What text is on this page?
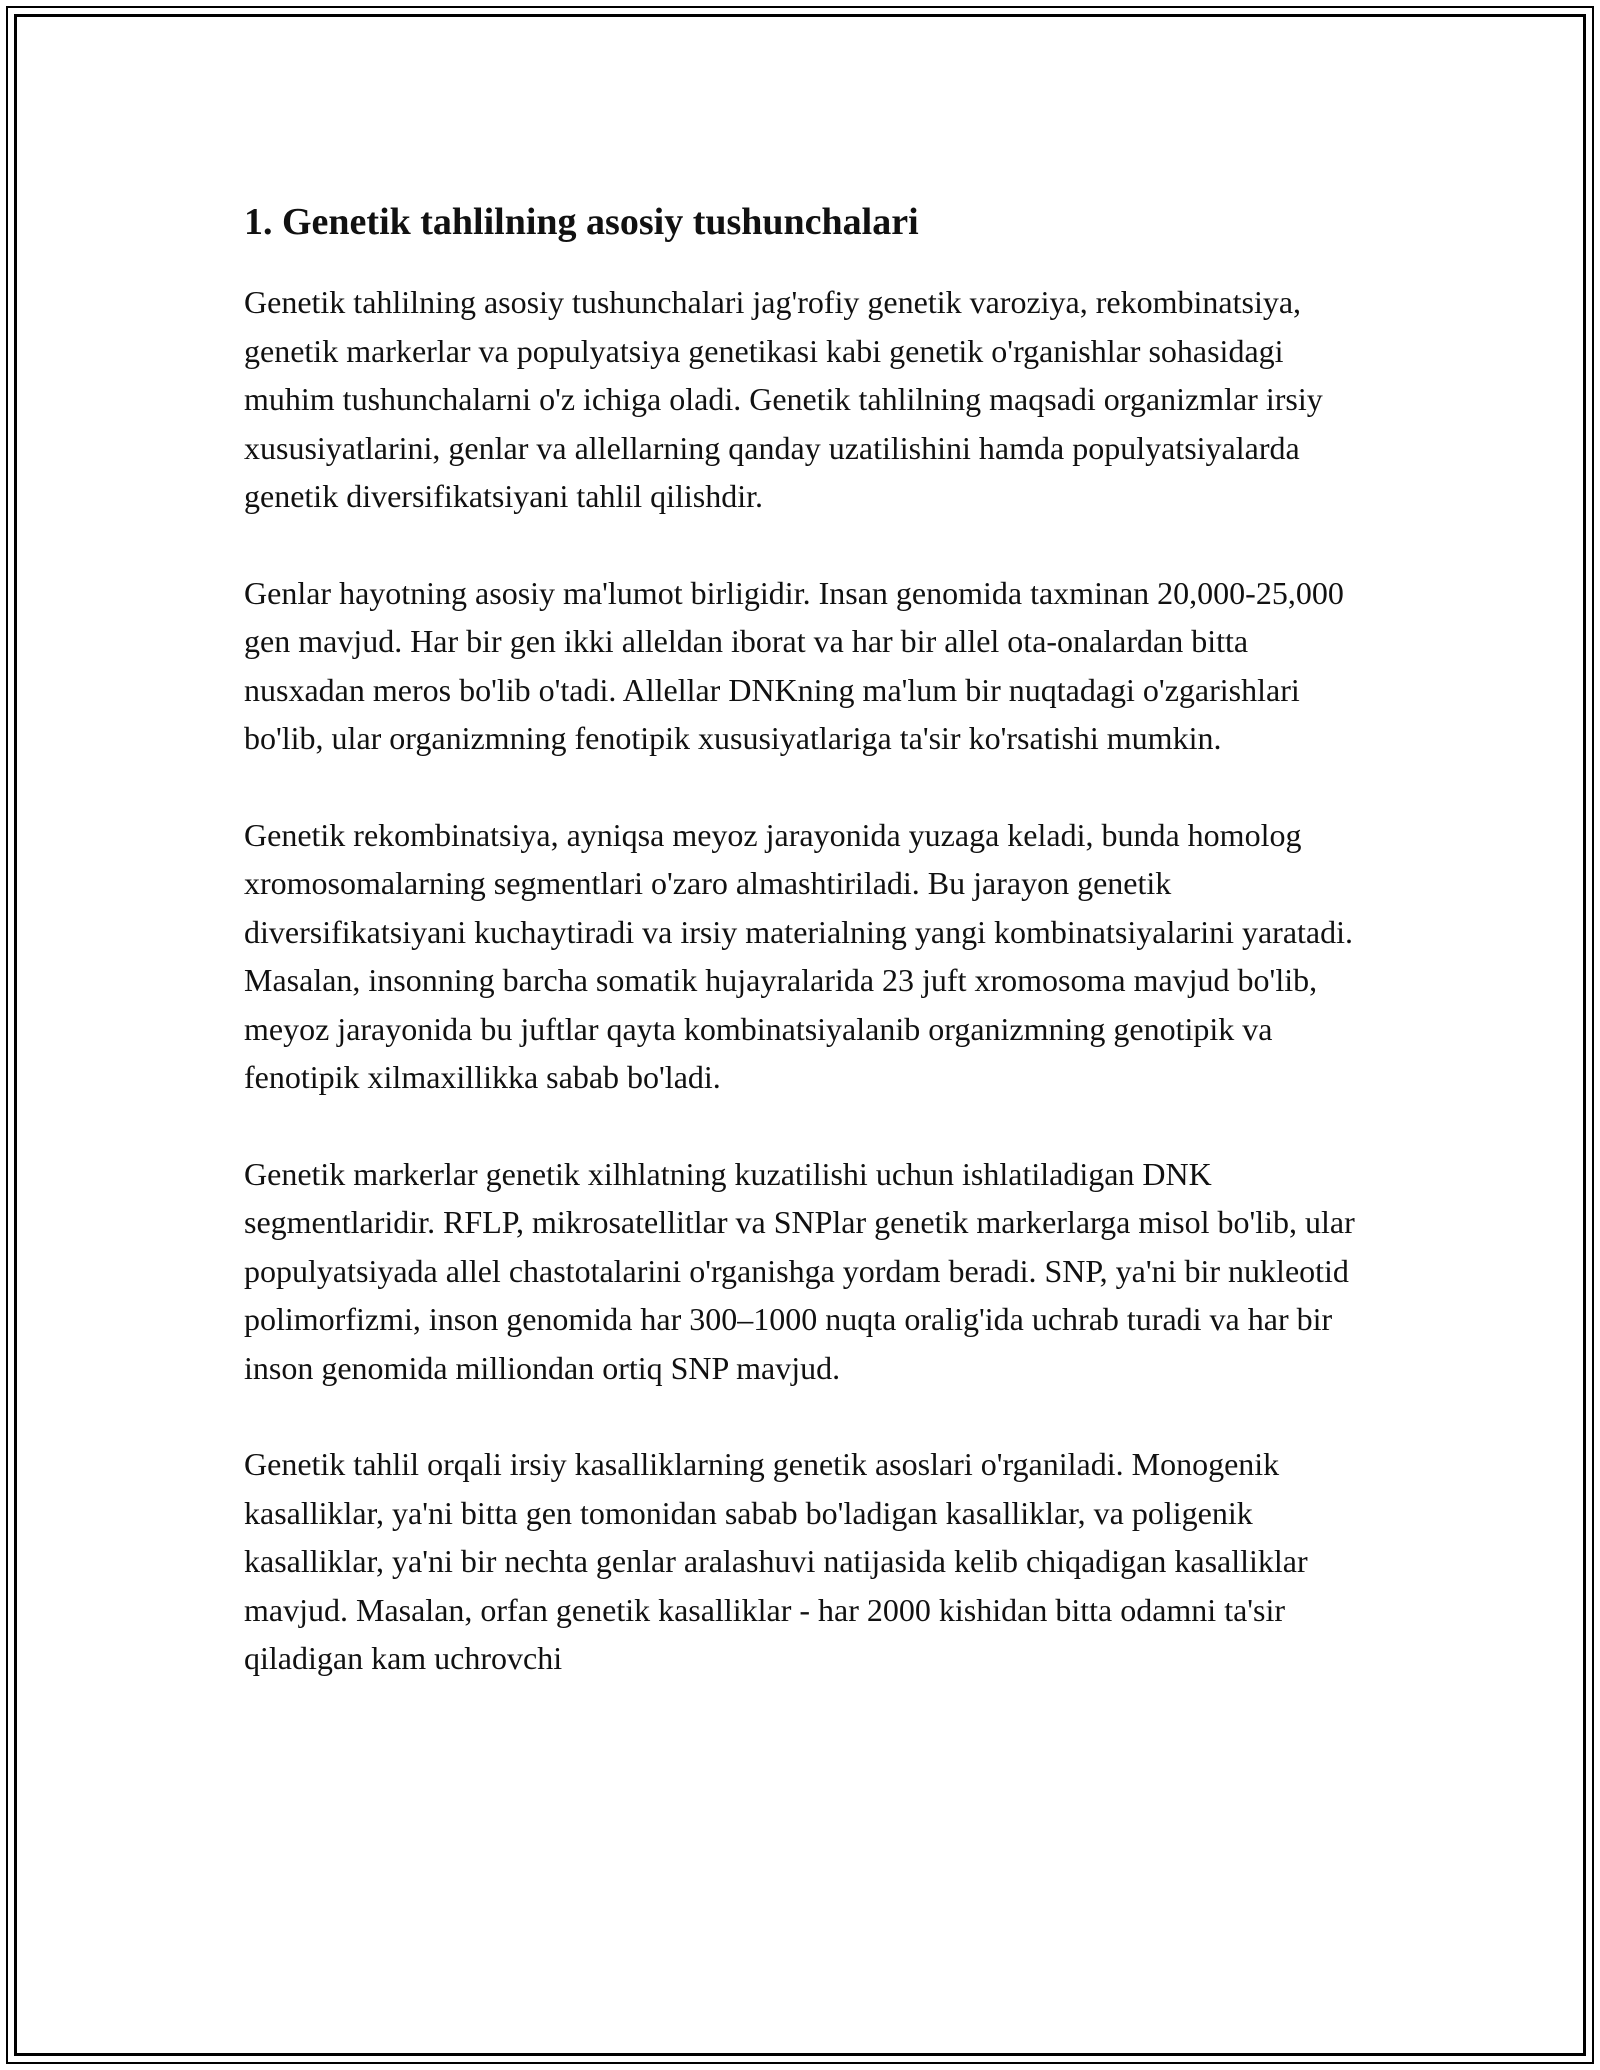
1. Genetik tahlilning asosiy tushunchalari

Genetik tahlilning asosiy tushunchalari jag'rofiy genetik varoziya, rekombinatsiya, genetik markerlar va populyatsiya genetikasi kabi genetik o'rganishlar sohasidagi muhim tushunchalarni o'z ichiga oladi. Genetik tahlilning maqsadi organizmlar irsiy xususiyatlarini, genlar va allellarning qanday uzatilishini hamda populyatsiyalarda genetik diversifikatsiyani tahlil qilishdir.

Genlar hayotning asosiy ma'lumot birligidir. Insan genomida taxminan 20,000-25,000 gen mavjud. Har bir gen ikki alleldan iborat va har bir allel ota-onalardan bitta nusxadan meros bo'lib o'tadi. Allellar DNKning ma'lum bir nuqtadagi o'zgarishlari bo'lib, ular organizmning fenotipik xususiyatlariga ta'sir ko'rsatishi mumkin.

Genetik rekombinatsiya, ayniqsa meyoz jarayonida yuzaga keladi, bunda homolog xromosomalarning segmentlari o'zaro almashtiriladi. Bu jarayon genetik diversifikatsiyani kuchaytiradi va irsiy materialning yangi kombinatsiyalarini yaratadi. Masalan, insonning barcha somatik hujayralarida 23 juft xromosoma mavjud bo'lib, meyoz jarayonida bu juftlar qayta kombinatsiyalanib organizmning genotipik va fenotipik xilmaxillikka sabab bo'ladi.

Genetik markerlar genetik xilhlatning kuzatilishi uchun ishlatiladigan DNK segmentlaridir. RFLP, mikrosatellitlar va SNPlar genetik markerlarga misol bo'lib, ular populyatsiyada allel chastotalarini o'rganishga yordam beradi. SNP, ya'ni bir nukleotid polimorfizmi, inson genomida har 300–1000 nuqta oralig'ida uchrab turadi va har bir inson genomida milliondan ortiq SNP mavjud.

Genetik tahlil orqali irsiy kasalliklarning genetik asoslari o'rganiladi. Monogenik kasalliklar, ya'ni bitta gen tomonidan sabab bo'ladigan kasalliklar, va poligenik kasalliklar, ya'ni bir nechta genlar aralashuvi natijasida kelib chiqadigan kasalliklar mavjud. Masalan, orfan genetik kasalliklar - har 2000 kishidan bitta odamni ta'sir qiladigan kam uchrovchi
